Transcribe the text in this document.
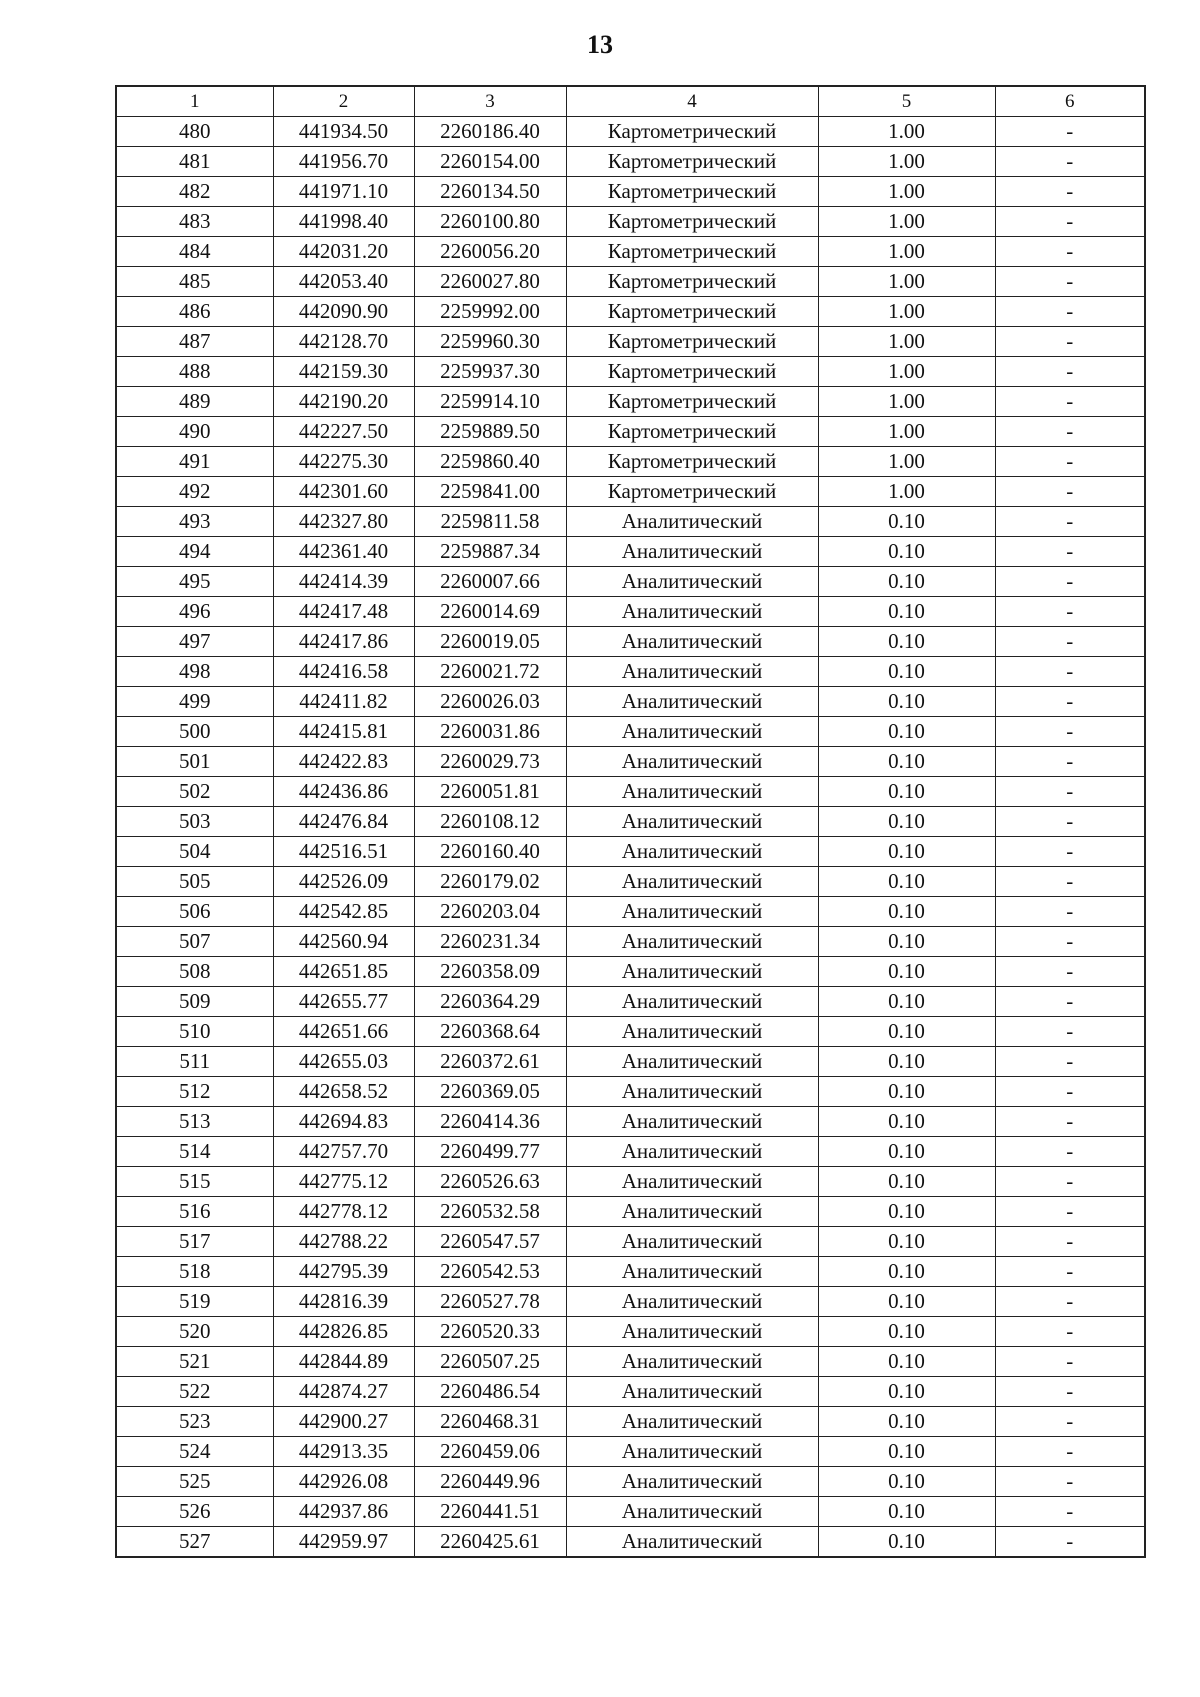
13
1	2	3	4	5	6
480	441934.50	2260186.40	Картометрический	1.00	-
481	441956.70	2260154.00	Картометрический	1.00	-
482	441971.10	2260134.50	Картометрический	1.00	-
483	441998.40	2260100.80	Картометрический	1.00	-
484	442031.20	2260056.20	Картометрический	1.00	-
485	442053.40	2260027.80	Картометрический	1.00	-
486	442090.90	2259992.00	Картометрический	1.00	-
487	442128.70	2259960.30	Картометрический	1.00	-
488	442159.30	2259937.30	Картометрический	1.00	-
489	442190.20	2259914.10	Картометрический	1.00	-
490	442227.50	2259889.50	Картометрический	1.00	-
491	442275.30	2259860.40	Картометрический	1.00	-
492	442301.60	2259841.00	Картометрический	1.00	-
493	442327.80	2259811.58	Аналитический	0.10	-
494	442361.40	2259887.34	Аналитический	0.10	-
495	442414.39	2260007.66	Аналитический	0.10	-
496	442417.48	2260014.69	Аналитический	0.10	-
497	442417.86	2260019.05	Аналитический	0.10	-
498	442416.58	2260021.72	Аналитический	0.10	-
499	442411.82	2260026.03	Аналитический	0.10	-
500	442415.81	2260031.86	Аналитический	0.10	-
501	442422.83	2260029.73	Аналитический	0.10	-
502	442436.86	2260051.81	Аналитический	0.10	-
503	442476.84	2260108.12	Аналитический	0.10	-
504	442516.51	2260160.40	Аналитический	0.10	-
505	442526.09	2260179.02	Аналитический	0.10	-
506	442542.85	2260203.04	Аналитический	0.10	-
507	442560.94	2260231.34	Аналитический	0.10	-
508	442651.85	2260358.09	Аналитический	0.10	-
509	442655.77	2260364.29	Аналитический	0.10	-
510	442651.66	2260368.64	Аналитический	0.10	-
511	442655.03	2260372.61	Аналитический	0.10	-
512	442658.52	2260369.05	Аналитический	0.10	-
513	442694.83	2260414.36	Аналитический	0.10	-
514	442757.70	2260499.77	Аналитический	0.10	-
515	442775.12	2260526.63	Аналитический	0.10	-
516	442778.12	2260532.58	Аналитический	0.10	-
517	442788.22	2260547.57	Аналитический	0.10	-
518	442795.39	2260542.53	Аналитический	0.10	-
519	442816.39	2260527.78	Аналитический	0.10	-
520	442826.85	2260520.33	Аналитический	0.10	-
521	442844.89	2260507.25	Аналитический	0.10	-
522	442874.27	2260486.54	Аналитический	0.10	-
523	442900.27	2260468.31	Аналитический	0.10	-
524	442913.35	2260459.06	Аналитический	0.10	-
525	442926.08	2260449.96	Аналитический	0.10	-
526	442937.86	2260441.51	Аналитический	0.10	-
527	442959.97	2260425.61	Аналитический	0.10	-
